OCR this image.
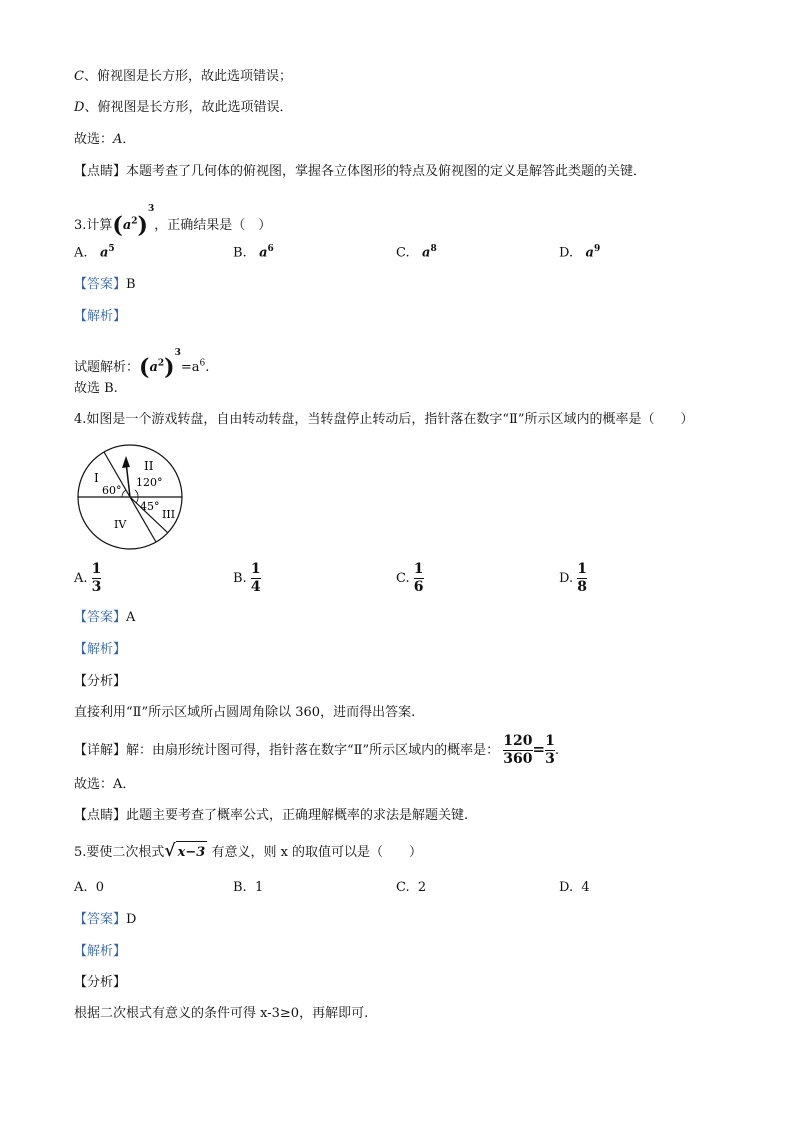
C、俯视图是长方形，故此选项错误；
D、俯视图是长方形，故此选项错误．
故选：A．
【点睛】本题考查了几何体的俯视图，掌握各立体图形的特点及俯视图的定义是解答此类题的关键．
3.计算$(a^2)^3$，正确结果是（　）
A. $a^5$	B. $a^6$	C. $a^8$	D. $a^9$
【答案】B
【解析】
试题解析：$(a^2)^3=a^6$.
故选 B.
4.如图是一个游戏转盘，自由转动转盘，当转盘停止转动后，指针落在数字“Ⅱ”所示区域内的概率是（　　）
I
II
III
IV
60°
120°
45°
A. $\frac{1}{3}$	B. $\frac{1}{4}$	C. $\frac{1}{6}$	D. $\frac{1}{8}$
【答案】A
【解析】
【分析】
直接利用“Ⅱ”所示区域所占圆周角除以 360，进而得出答案.
【详解】解：由扇形统计图可得，指针落在数字“Ⅱ”所示区域内的概率是： $\frac{120}{360} = \frac{1}{3}$ .
故选：A．
【点睛】此题主要考查了概率公式，正确理解概率的求法是解题关键.
5.要使二次根式√ x−3 有意义，则 x 的取值可以是（　　）
A. 0	B. 1	C. 2	D. 4
【答案】D
【解析】
【分析】
根据二次根式有意义的条件可得 x-3≥0，再解即可.
